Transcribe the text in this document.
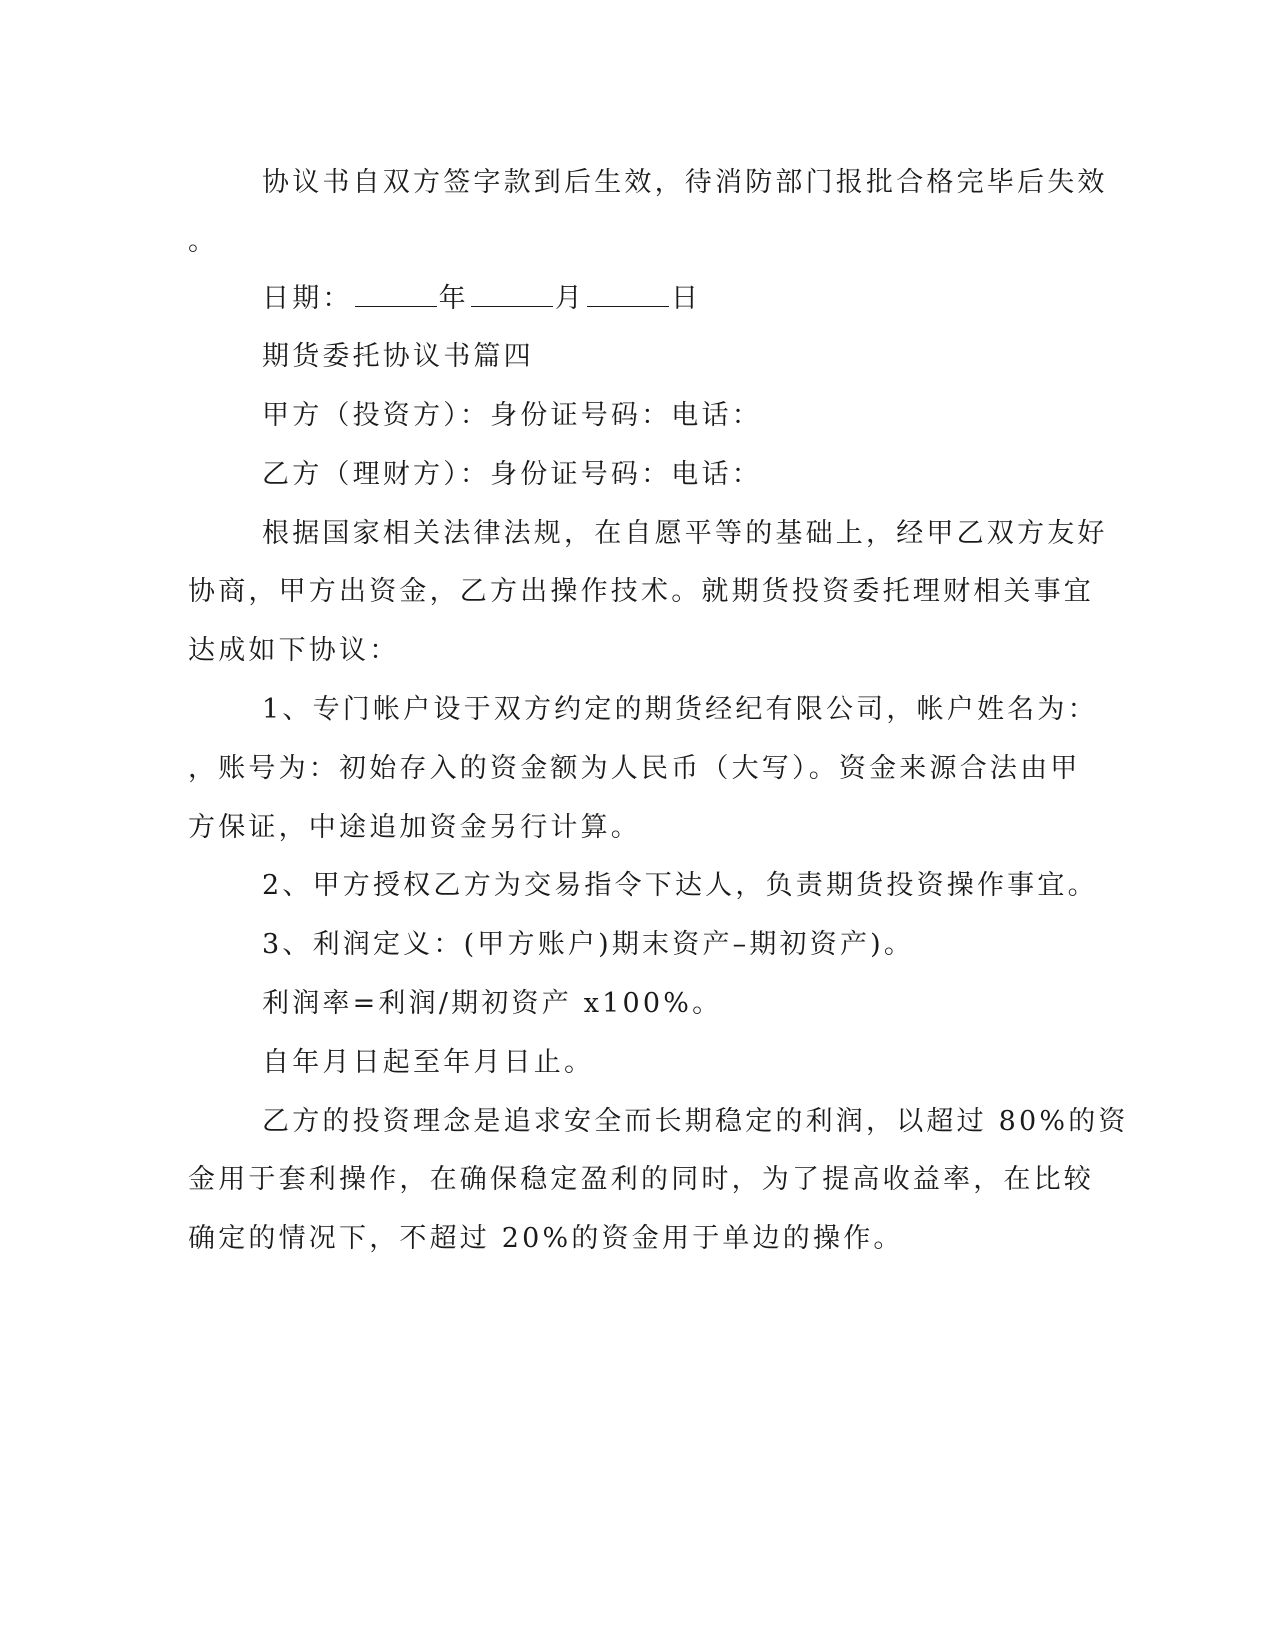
协议书自双方签字款到后生效，待消防部门报批合格完毕后失效

。

日期：	年	月	日

期货委托协议书篇四

甲方（投资方）：身份证号码：电话：

乙方（理财方）：身份证号码：电话：

根据国家相关法律法规，在自愿平等的基础上，经甲乙双方友好

协商，甲方出资金，乙方出操作技术。就期货投资委托理财相关事宜

达成如下协议：

1、专门帐户设于双方约定的期货经纪有限公司，帐户姓名为：

，账号为：初始存入的资金额为人民币（大写）。资金来源合法由甲

方保证，中途追加资金另行计算。

2、甲方授权乙方为交易指令下达人，负责期货投资操作事宜。

3、利润定义：(甲方账户)期末资产–期初资产)。

利润率=利润/期初资产 x100%。

自年月日起至年月日止。

乙方的投资理念是追求安全而长期稳定的利润，以超过 80%的资

金用于套利操作，在确保稳定盈利的同时，为了提高收益率，在比较

确定的情况下，不超过 20%的资金用于单边的操作。
